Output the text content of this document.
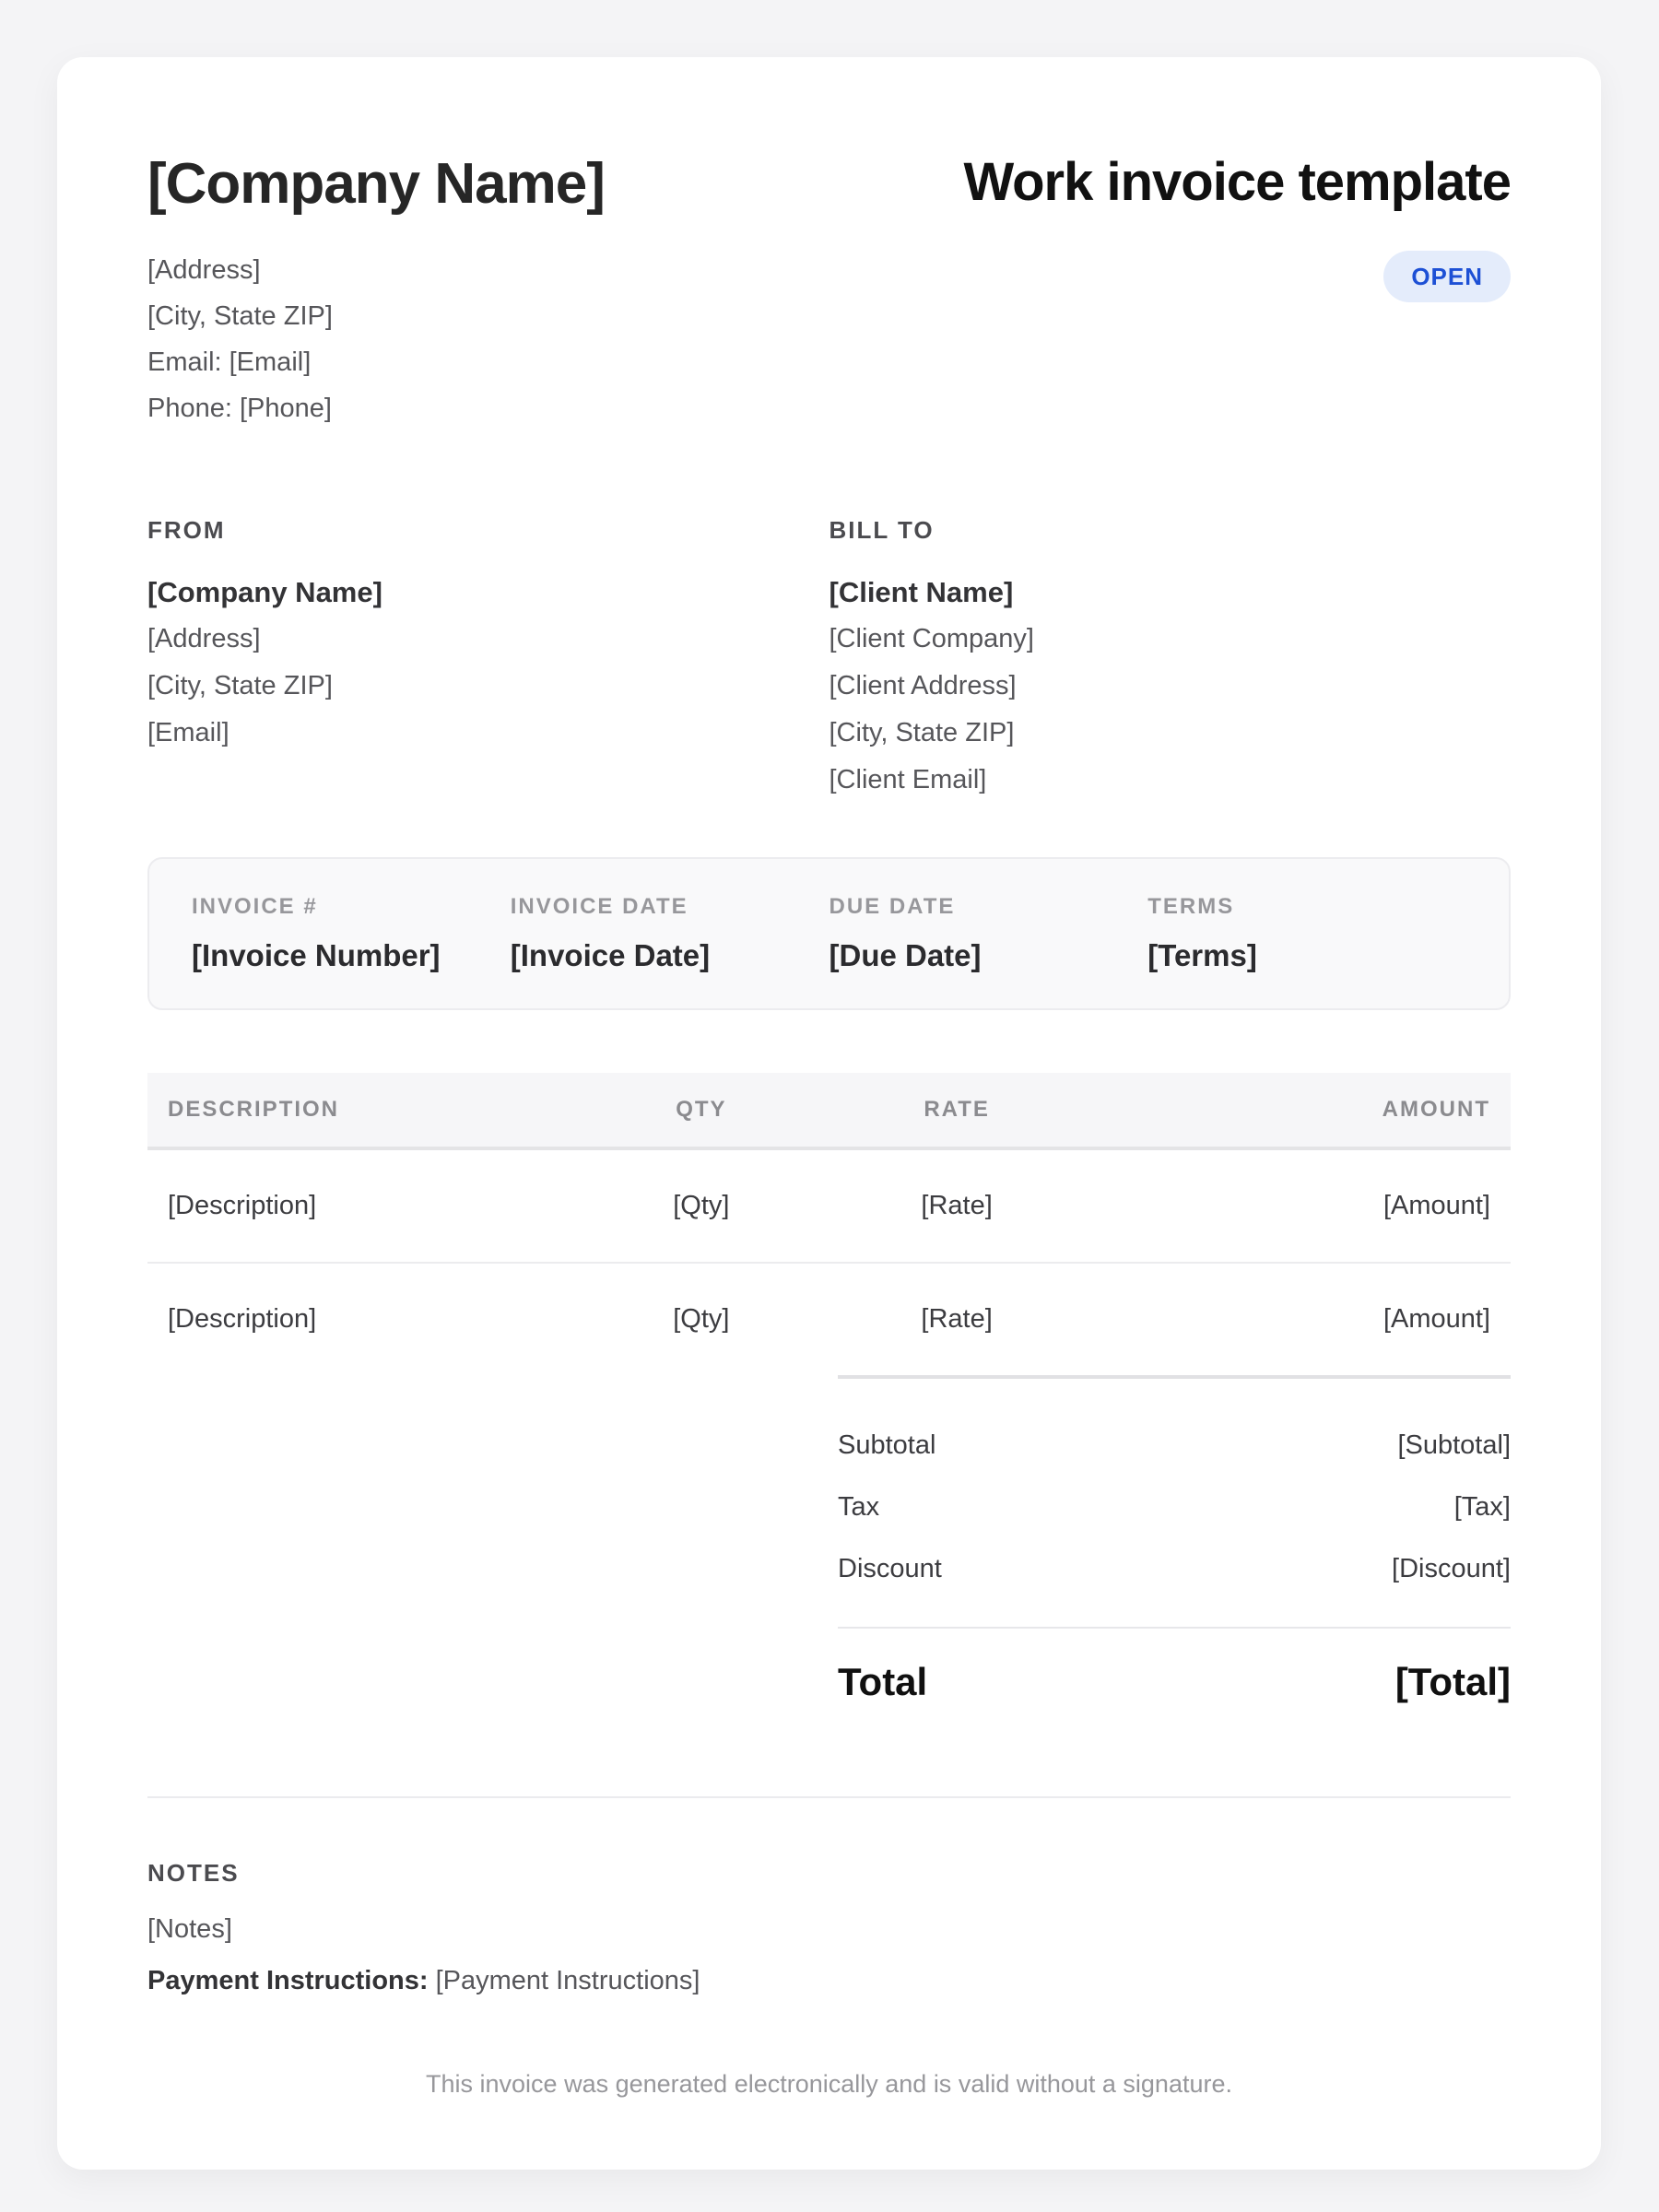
[Company Name]

[Address]

[City, State ZIP]

Email: [Email]

Phone: [Phone]

Work invoice template
OPEN
FROM
[Company Name]

[Address]

[City, State ZIP]

[Email]

BILL TO
[Client Name]

[Client Company]

[Client Address]

[City, State ZIP]

[Client Email]

INVOICE #
[Invoice Number]
INVOICE DATE
[Invoice Date]
DUE DATE
[Due Date]
TERMS
[Terms]
DESCRIPTION	QTY	RATE	AMOUNT
[Description]	[Qty]	[Rate]	[Amount]
[Description]	[Qty]	[Rate]	[Amount]
Subtotal	[Subtotal]
Tax	[Tax]
Discount	[Discount]
Total	[Total]
NOTES

[Notes]

Payment Instructions: [Payment Instructions]

This invoice was generated electronically and is valid without a signature.
